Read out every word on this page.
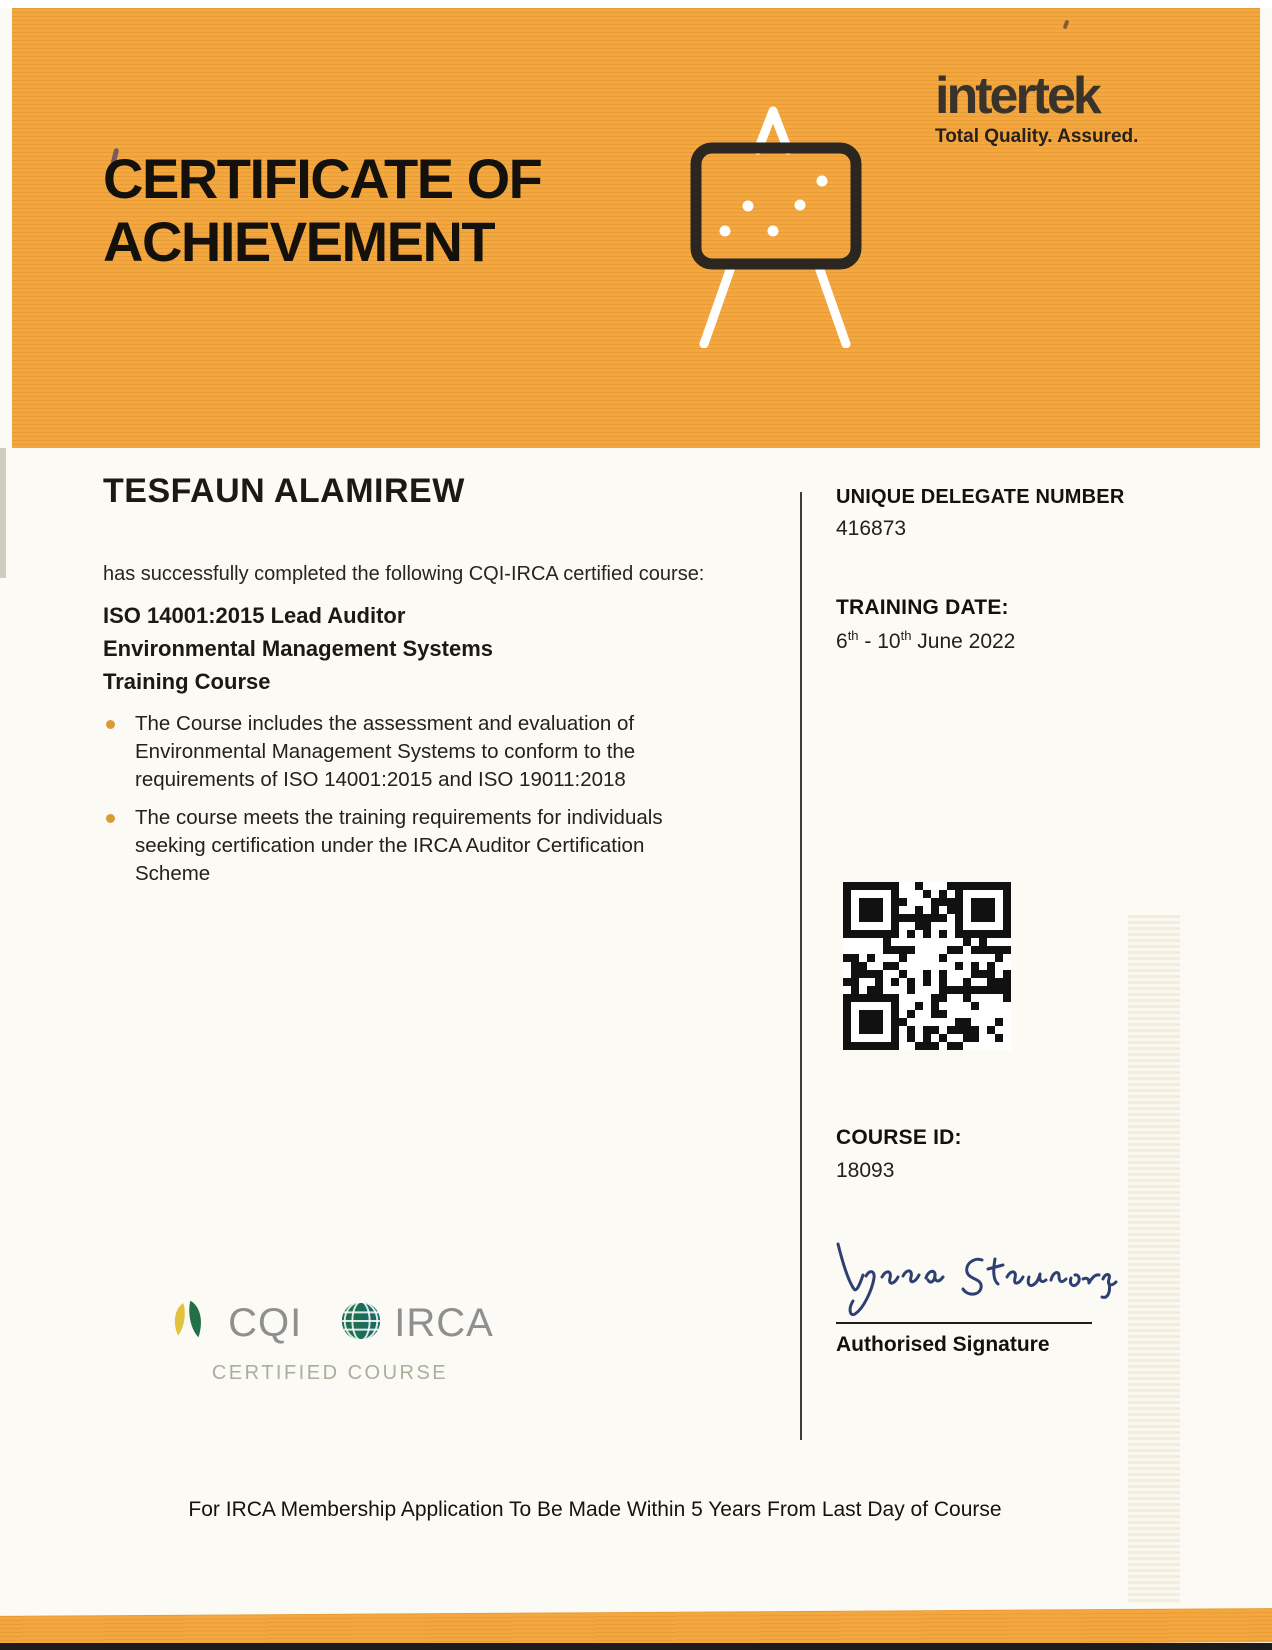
CERTIFICATE OF
ACHIEVEMENT
intertek
Total Quality. Assured.
TESFAUN ALAMIREW
has successfully completed the following CQI-IRCA certified course:
ISO 14001:2015 Lead Auditor
Environmental Management Systems
Training Course
The Course includes the assessment and evaluation of Environmental Management Systems to conform to the requirements of ISO 14001:2015 and ISO 19011:2018
The course meets the training requirements for individuals seeking certification under the IRCA Auditor Certification Scheme
UNIQUE DELEGATE NUMBER
416873
TRAINING DATE:
6th - 10th June 2022
COURSE ID:
18093
Authorised Signature
CQI IRCA
CERTIFIED COURSE
For IRCA Membership Application To Be Made Within 5 Years From Last Day of Course
